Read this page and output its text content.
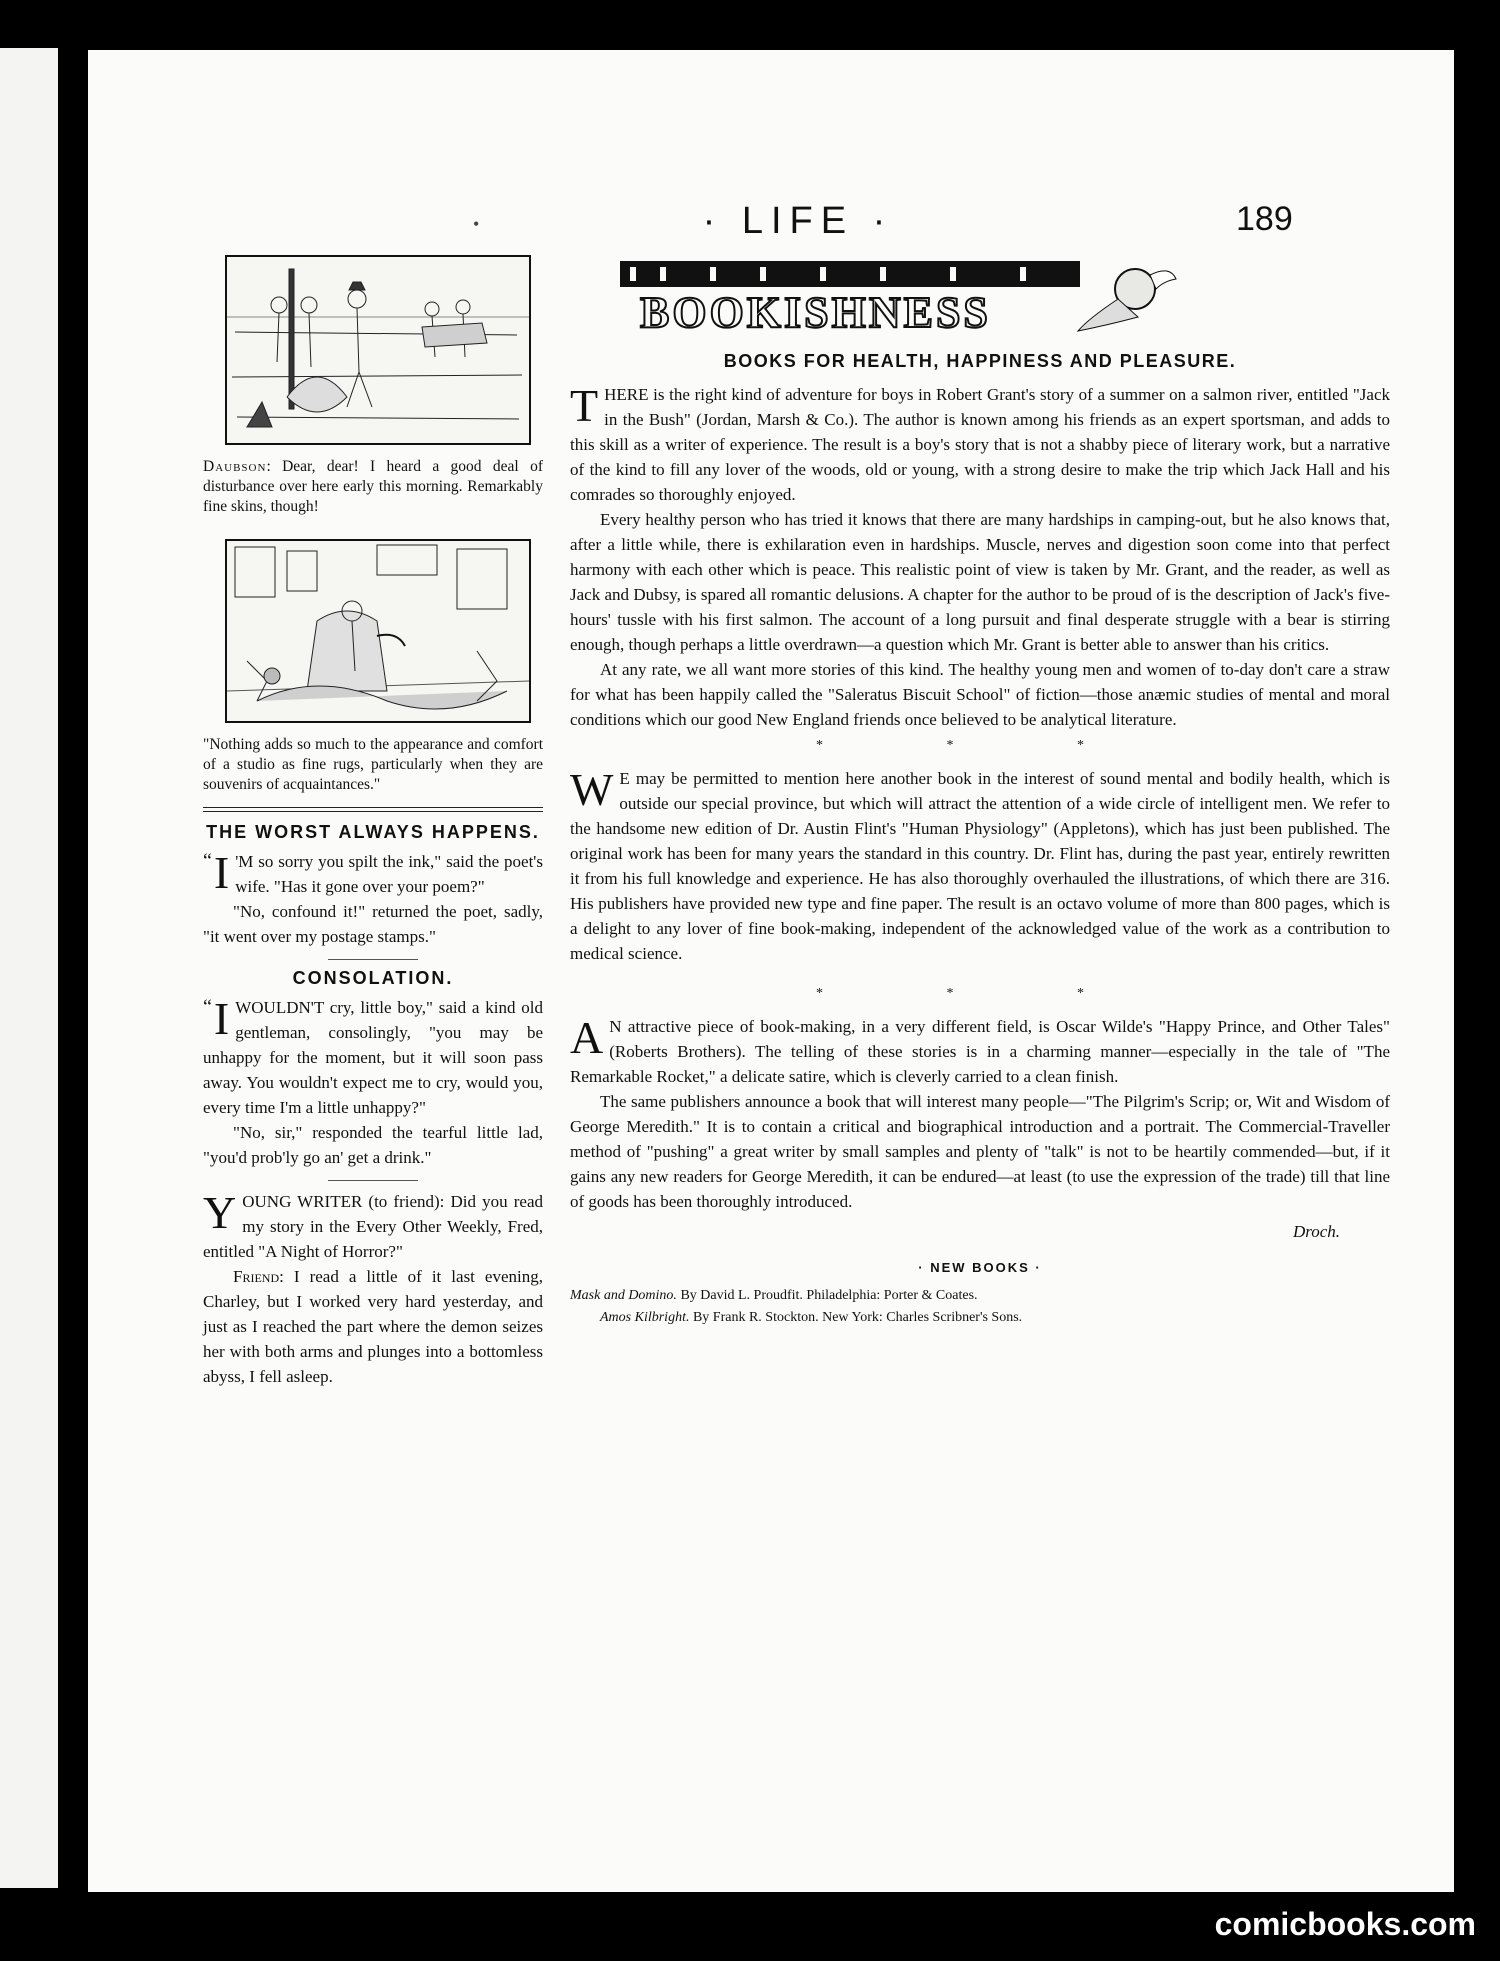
•	· LIFE ·	189
Daubson: Dear, dear! I heard a good deal of disturbance over here early this morning. Remarkably fine skins, though!
"Nothing adds so much to the appearance and comfort of a studio as fine rugs, particularly when they are souvenirs of acquaintances."
THE WORST ALWAYS HAPPENS.
“ I 'M so sorry you spilt the ink," said the poet's wife. "Has it gone over your poem?"

"No, confound it!" returned the poet, sadly, "it went over my postage stamps."

CONSOLATION.
“ I WOULDN'T cry, little boy," said a kind old gentleman, consolingly, "you may be unhappy for the moment, but it will soon pass away. You wouldn't expect me to cry, would you, every time I'm a little unhappy?"

"No, sir," responded the tearful little lad, "you'd prob'ly go an' get a drink."

Y OUNG WRITER (to friend): Did you read my story in the Every Other Weekly, Fred, entitled "A Night of Horror?"

Friend: I read a little of it last evening, Charley, but I worked very hard yesterday, and just as I reached the part where the demon seizes her with both arms and plunges into a bottomless abyss, I fell asleep.

BOOKISHNESS
BOOKS FOR HEALTH, HAPPINESS AND PLEASURE.
T HERE is the right kind of adventure for boys in Robert Grant's story of a summer on a salmon river, entitled "Jack in the Bush" (Jordan, Marsh & Co.). The author is known among his friends as an expert sportsman, and adds to this skill as a writer of experience. The result is a boy's story that is not a shabby piece of literary work, but a narrative of the kind to fill any lover of the woods, old or young, with a strong desire to make the trip which Jack Hall and his comrades so thoroughly enjoyed.

Every healthy person who has tried it knows that there are many hardships in camping-out, but he also knows that, after a little while, there is exhilaration even in hardships. Muscle, nerves and digestion soon come into that perfect harmony with each other which is peace. This realistic point of view is taken by Mr. Grant, and the reader, as well as Jack and Dubsy, is spared all romantic delusions. A chapter for the author to be proud of is the description of Jack's five-hours' tussle with his first salmon. The account of a long pursuit and final desperate struggle with a bear is stirring enough, though perhaps a little overdrawn—a question which Mr. Grant is better able to answer than his critics.

At any rate, we all want more stories of this kind. The healthy young men and women of to-day don't care a straw for what has been happily called the "Saleratus Biscuit School" of fiction—those anæmic studies of mental and moral conditions which our good New England friends once believed to be analytical literature.

* * *
W E may be permitted to mention here another book in the interest of sound mental and bodily health, which is outside our special province, but which will attract the attention of a wide circle of intelligent men. We refer to the handsome new edition of Dr. Austin Flint's "Human Physiology" (Appletons), which has just been published. The original work has been for many years the standard in this country. Dr. Flint has, during the past year, entirely rewritten it from his full knowledge and experience. He has also thoroughly overhauled the illustrations, of which there are 316. His publishers have provided new type and fine paper. The result is an octavo volume of more than 800 pages, which is a delight to any lover of fine book-making, independent of the acknowledged value of the work as a contribution to medical science.

* * *
A N attractive piece of book-making, in a very different field, is Oscar Wilde's "Happy Prince, and Other Tales" (Roberts Brothers). The telling of these stories is in a charming manner—especially in the tale of "The Remarkable Rocket," a delicate satire, which is cleverly carried to a clean finish.

The same publishers announce a book that will interest many people—"The Pilgrim's Scrip; or, Wit and Wisdom of George Meredith." It is to contain a critical and biographical introduction and a portrait. The Commercial-Traveller method of "pushing" a great writer by small samples and plenty of "talk" is not to be heartily commended—but, if it gains any new readers for George Meredith, it can be endured—at least (to use the expression of the trade) till that line of goods has been thoroughly introduced.

Droch.
· NEW BOOKS ·

Mask and Domino. By David L. Proudfit. Philadelphia: Porter & Coates.

Amos Kilbright. By Frank R. Stockton. New York: Charles Scribner's Sons.

comicbooks.com
